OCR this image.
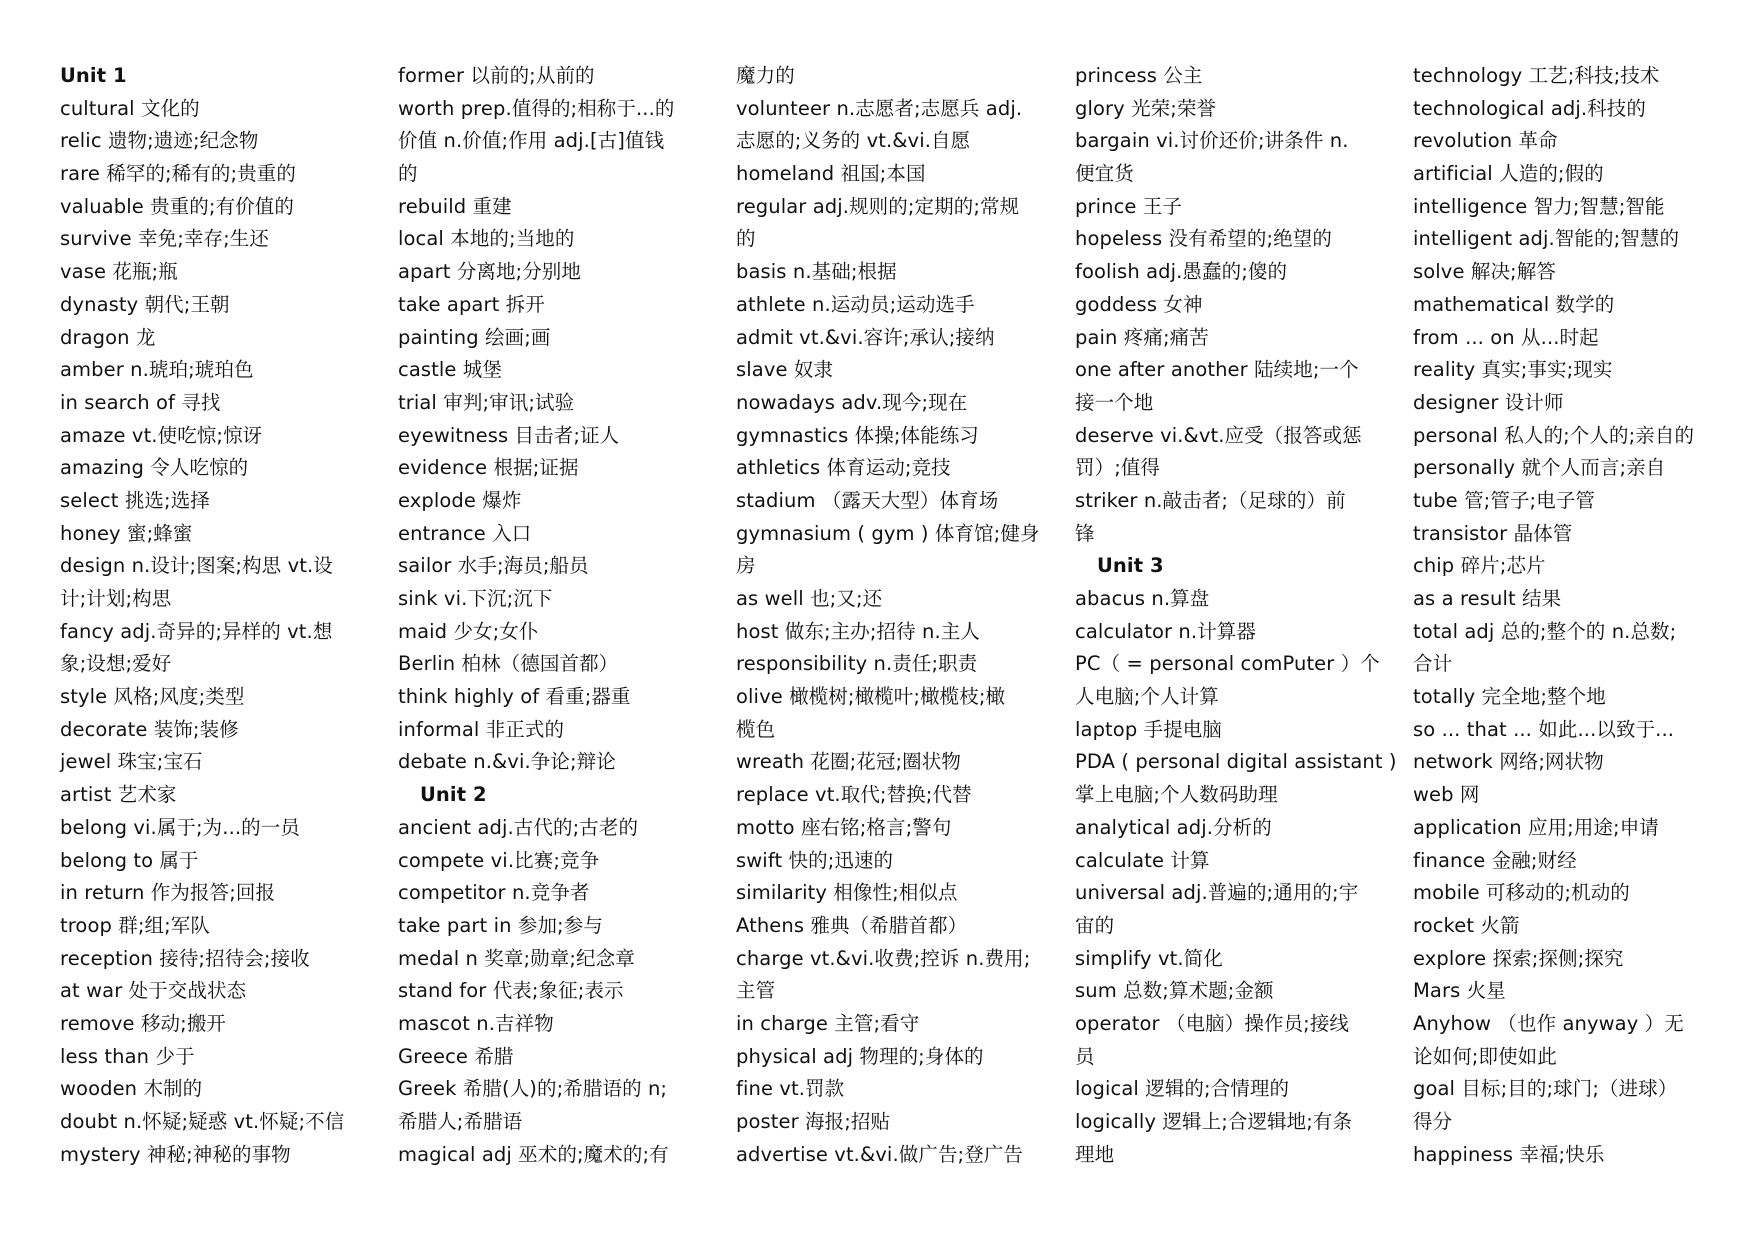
Unit 1
cultural 文化的
relic 遗物;遗迹;纪念物
rare 稀罕的;稀有的;贵重的
valuable 贵重的;有价值的
survive 幸免;幸存;生还
vase 花瓶;瓶
dynasty 朝代;王朝
dragon 龙
amber n.琥珀;琥珀色
in search of 寻找
amaze vt.使吃惊;惊讶
amazing 令人吃惊的
select 挑选;选择
honey 蜜;蜂蜜
design n.设计;图案;构思 vt.设
计;计划;构思
fancy adj.奇异的;异样的 vt.想
象;设想;爱好
style 风格;风度;类型
decorate 装饰;装修
jewel 珠宝;宝石
artist 艺术家
belong vi.属于;为...的一员
belong to 属于
in return 作为报答;回报
troop 群;组;军队
reception 接待;招待会;接收
at war 处于交战状态
remove 移动;搬开
less than 少于
wooden 木制的
doubt n.怀疑;疑惑 vt.怀疑;不信
mystery 神秘;神秘的事物
former 以前的;从前的
worth prep.值得的;相称于...的
价值 n.价值;作用 adj.[古]值钱
的
rebuild 重建
local 本地的;当地的
apart 分离地;分别地
take apart 拆开
painting 绘画;画
castle 城堡
trial 审判;审讯;试验
eyewitness 目击者;证人
evidence 根据;证据
explode 爆炸
entrance 入口
sailor 水手;海员;船员
sink vi.下沉;沉下
maid 少女;女仆
Berlin 柏林（德国首都）
think highly of 看重;器重
informal 非正式的
debate n.&vi.争论;辩论
Unit 2
ancient adj.古代的;古老的
compete vi.比赛;竞争
competitor n.竞争者
take part in 参加;参与
medal n 奖章;勋章;纪念章
stand for 代表;象征;表示
mascot n.吉祥物
Greece 希腊
Greek 希腊(人)的;希腊语的 n;
希腊人;希腊语
magical adj 巫术的;魔术的;有
魔力的
volunteer n.志愿者;志愿兵 adj.
志愿的;义务的 vt.&vi.自愿
homeland 祖国;本国
regular adj.规则的;定期的;常规
的
basis n.基础;根据
athlete n.运动员;运动选手
admit vt.&vi.容许;承认;接纳
slave 奴隶
nowadays adv.现今;现在
gymnastics 体操;体能练习
athletics 体育运动;竞技
stadium （露天大型）体育场
gymnasium ( gym ) 体育馆;健身
房
as well 也;又;还
host 做东;主办;招待 n.主人
responsibility n.责任;职责
olive 橄榄树;橄榄叶;橄榄枝;橄
榄色
wreath 花圈;花冠;圈状物
replace vt.取代;替换;代替
motto 座右铭;格言;警句
swift 快的;迅速的
similarity 相像性;相似点
Athens 雅典（希腊首都）
charge vt.&vi.收费;控诉 n.费用;
主管
in charge 主管;看守
physical adj 物理的;身体的
fine vt.罚款
poster 海报;招贴
advertise vt.&vi.做广告;登广告
princess 公主
glory 光荣;荣誉
bargain vi.讨价还价;讲条件 n.
便宜货
prince 王子
hopeless 没有希望的;绝望的
foolish adj.愚蠢的;傻的
goddess 女神
pain 疼痛;痛苦
one after another 陆续地;一个
接一个地
deserve vi.&vt.应受（报答或惩
罚）;值得
striker n.敲击者;（足球的）前
锋
Unit 3
abacus n.算盘
calculator n.计算器
PC（ = personal comPuter ）个
人电脑;个人计算
laptop 手提电脑
PDA ( personal digital assistant )
掌上电脑;个人数码助理
analytical adj.分析的
calculate 计算
universal adj.普遍的;通用的;宇
宙的
simplify vt.简化
sum 总数;算术题;金额
operator （电脑）操作员;接线
员
logical 逻辑的;合情理的
logically 逻辑上;合逻辑地;有条
理地
technology 工艺;科技;技术
technological adj.科技的
revolution 革命
artificial 人造的;假的
intelligence 智力;智慧;智能
intelligent adj.智能的;智慧的
solve 解决;解答
mathematical 数学的
from ... on 从...时起
reality 真实;事实;现实
designer 设计师
personal 私人的;个人的;亲自的
personally 就个人而言;亲自
tube 管;管子;电子管
transistor 晶体管
chip 碎片;芯片
as a result 结果
total adj 总的;整个的 n.总数;
合计
totally 完全地;整个地
so ... that ... 如此...以致于...
network 网络;网状物
web 网
application 应用;用途;申请
finance 金融;财经
mobile 可移动的;机动的
rocket 火箭
explore 探索;探侧;探究
Mars 火星
Anyhow （也作 anyway ）无
论如何;即使如此
goal 目标;目的;球门;（进球）
得分
happiness 幸福;快乐
